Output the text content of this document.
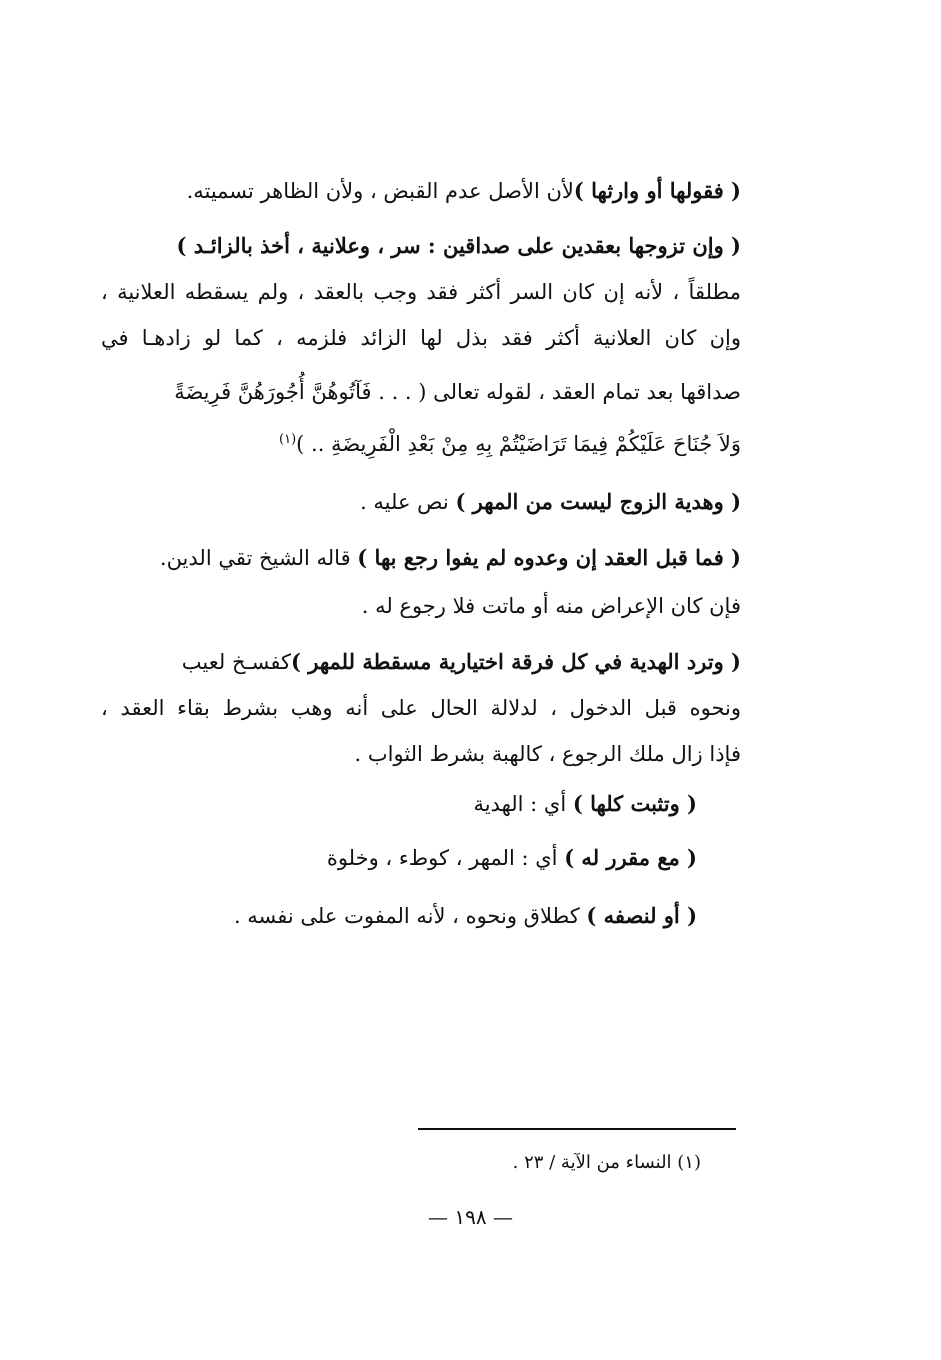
( فقولها أو وارثها )لأن الأصل عدم القبض ، ولأن الظاهر تسميته.
( وإن تزوجها بعقدين على صداقين : سر ، وعلانية ، أخذ بالزائـد )
مطلقاً ، لأنه إن كان السر أكثر فقد وجب بالعقد ، ولم يسقطه العلانية ،
وإن كان العلانية أكثر فقد بذل لها الزائد فلزمه ، كما لو زادهـا في
صداقها بعد تمام العقد ، لقوله تعالى ( . . . فَآتُوهُنَّ أُجُورَهُنَّ فَرِيضَةً
وَلاَ جُنَاحَ عَلَيْكُمْ فِيمَا تَرَاضَيْتُمْ بِهِ مِنْ بَعْدِ الْفَرِيضَةِ .. )$^{(١)}$
( وهدية الزوج ليست من المهر ) نص عليه .
( فما قبل العقد إن وعدوه لم يفوا رجع بها ) قاله الشيخ تقي الدين.
فإن كان الإعراض منه أو ماتت فلا رجوع له .
( وترد الهدية في كل فرقة اختيارية مسقطة للمهر )كفسـخ لعيب
ونحوه قبل الدخول ، لدلالة الحال على أنه وهب بشرط بقاء العقد ،
فإذا زال ملك الرجوع ، كالهبة بشرط الثواب .
( وتثبت كلها ) أي : الهدية
( مع مقرر له ) أي : المهر ، كوطء ، وخلوة
( أو لنصفه ) كطلاق ونحوه ، لأنه المفوت على نفسه .
(١) النساء من الآية / ٢٣ .
— ١٩٨ —
